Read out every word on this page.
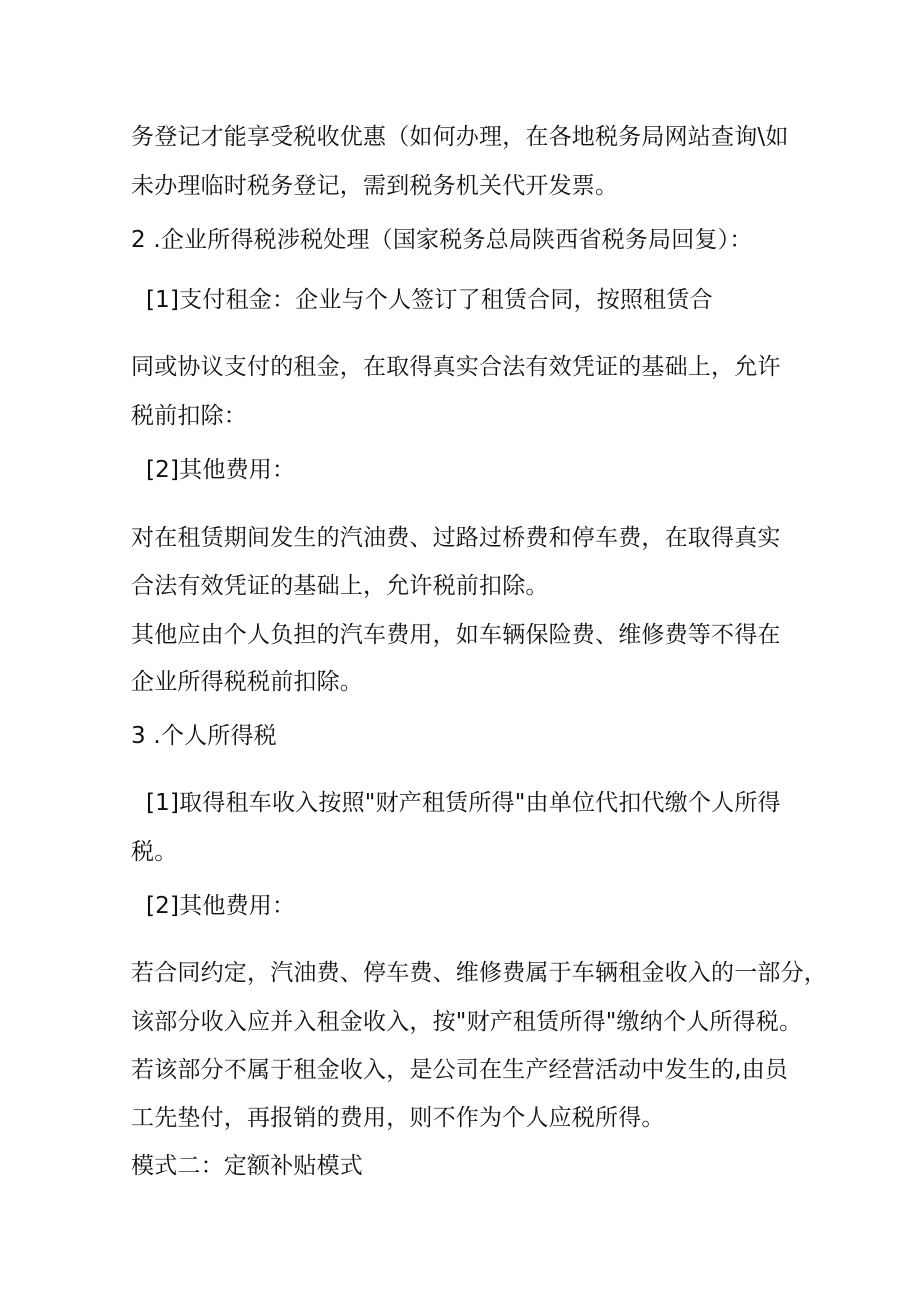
务登记才能享受税收优惠（如何办理，在各地税务局网站查询\如
未办理临时税务登记，需到税务机关代开发票。
2 .企业所得税涉税处理（国家税务总局陕西省税务局回复）：
[1]支付租金：企业与个人签订了租赁合同，按照租赁合
同或协议支付的租金，在取得真实合法有效凭证的基础上，允许
税前扣除：
[2]其他费用：
对在租赁期间发生的汽油费、过路过桥费和停车费，在取得真实
合法有效凭证的基础上，允许税前扣除。
其他应由个人负担的汽车费用，如车辆保险费、维修费等不得在
企业所得税税前扣除。
3 .个人所得税
[1]取得租车收入按照"财产租赁所得"由单位代扣代缴个人所得
税。
[2]其他费用：
若合同约定，汽油费、停车费、维修费属于车辆租金收入的一部分，
该部分收入应并入租金收入，按"财产租赁所得"缴纳个人所得税。
若该部分不属于租金收入，是公司在生产经营活动中发生的,由员
工先垫付，再报销的费用，则不作为个人应税所得。
模式二：定额补贴模式
